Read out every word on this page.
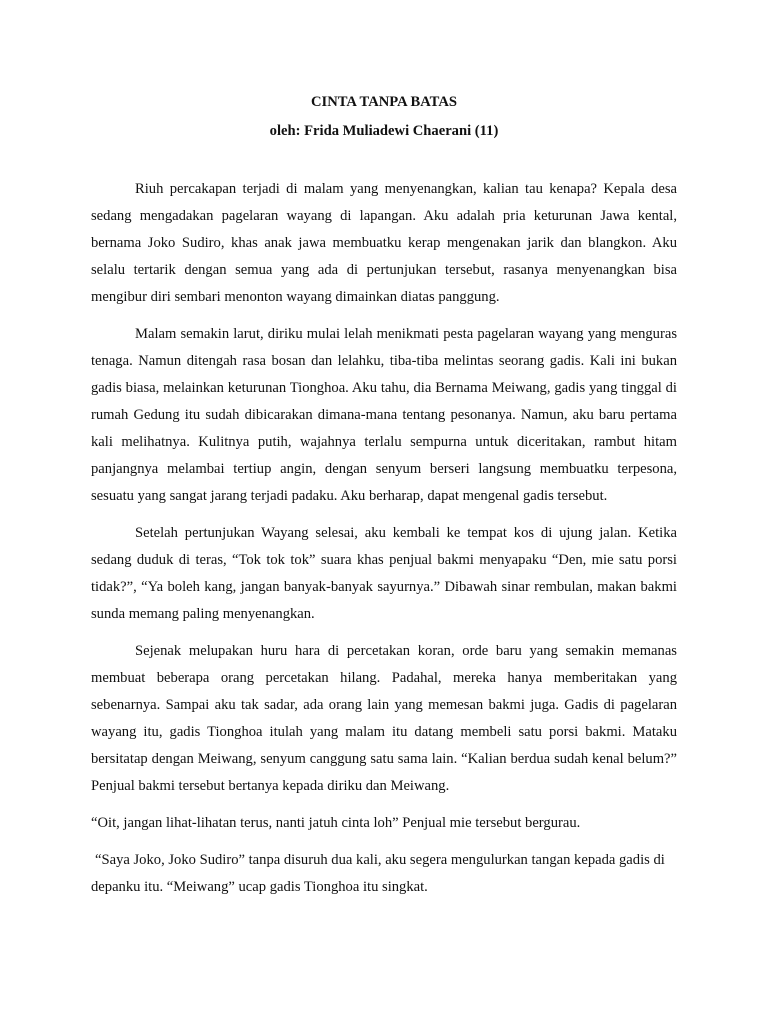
CINTA TANPA BATAS

oleh: Frida Muliadewi Chaerani (11)

Riuh percakapan terjadi di malam yang menyenangkan, kalian tau kenapa? Kepala desa sedang mengadakan pagelaran wayang di lapangan. Aku adalah pria keturunan Jawa kental, bernama Joko Sudiro, khas anak jawa membuatku kerap mengenakan jarik dan blangkon. Aku selalu tertarik dengan semua yang ada di pertunjukan tersebut, rasanya menyenangkan bisa mengibur diri sembari menonton wayang dimainkan diatas panggung.

Malam semakin larut, diriku mulai lelah menikmati pesta pagelaran wayang yang menguras tenaga. Namun ditengah rasa bosan dan lelahku, tiba-tiba melintas seorang gadis. Kali ini bukan gadis biasa, melainkan keturunan Tionghoa. Aku tahu, dia Bernama Meiwang, gadis yang tinggal di rumah Gedung itu sudah dibicarakan dimana-mana tentang pesonanya. Namun, aku baru pertama kali melihatnya. Kulitnya putih, wajahnya terlalu sempurna untuk diceritakan, rambut hitam panjangnya melambai tertiup angin, dengan senyum berseri langsung membuatku terpesona, sesuatu yang sangat jarang terjadi padaku. Aku berharap, dapat mengenal gadis tersebut.

Setelah pertunjukan Wayang selesai, aku kembali ke tempat kos di ujung jalan. Ketika sedang duduk di teras, “Tok tok tok” suara khas penjual bakmi menyapaku “Den, mie satu porsi tidak?”, “Ya boleh kang, jangan banyak-banyak sayurnya.” Dibawah sinar rembulan, makan bakmi sunda memang paling menyenangkan.

Sejenak melupakan huru hara di percetakan koran, orde baru yang semakin memanas membuat beberapa orang percetakan hilang. Padahal, mereka hanya memberitakan yang sebenarnya. Sampai aku tak sadar, ada orang lain yang memesan bakmi juga. Gadis di pagelaran wayang itu, gadis Tionghoa itulah yang malam itu datang membeli satu porsi bakmi. Mataku bersitatap dengan Meiwang, senyum canggung satu sama lain. “Kalian berdua sudah kenal belum?” Penjual bakmi tersebut bertanya kepada diriku dan Meiwang.

“Oit, jangan lihat-lihatan terus, nanti jatuh cinta loh” Penjual mie tersebut bergurau.

“Saya Joko, Joko Sudiro” tanpa disuruh dua kali, aku segera mengulurkan tangan kepada gadis di depanku itu. “Meiwang” ucap gadis Tionghoa itu singkat.
